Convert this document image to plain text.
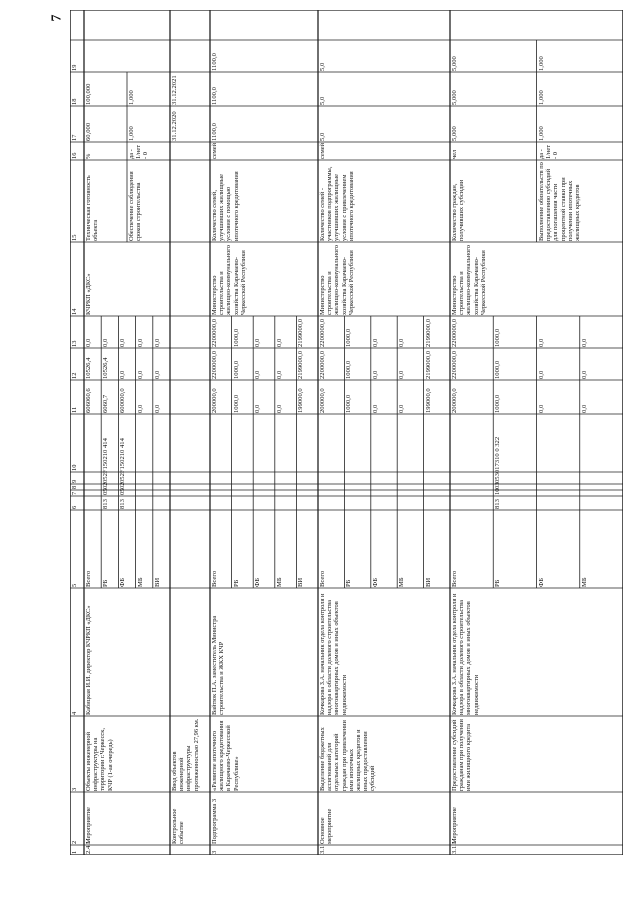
7
1
2
3
4
5
6
7
8
9
10
11
12
13
14
15
16
17
18
19
2.4.1
Мероприятие
Объекты инженерной инфраструктуры на территории г.Черкесск, КЧР (1-ая очередь)
Кабицкая И.И. директор КЧРКП «ДКС»
КЧРКП «ДКС»
Техническая готовность объекта
%
60,000
100,000
Обеспечение соблюдения сроков строительства
да - 1/нет - 0
1,000
1,000
Всего
606060,6
10526,4
0,0
РБ
813
05
02
052F150210 414
6060,7
10526,4
0,0
ФБ
813
05
02
052F150210 414
600000,0
0,0
0,0
МБ
0,0
0,0
0,0
ВИ
0,0
0,0
0,0
Контрольное событие
Ввод объектов инженерной инфраструктуры протяженностью 27,96 км.
31.12.2020
31.12.2021
3
Подпрограмма 3
«Развитие ипотечного жилищного кредитования в Карачаево-Черкесской Республике»
Вайтюк П.А. заместитель Министра строительства и ЖКХ КЧР
Министерство строительства и жилищно-коммунального хозяйства Карачаево-Черкесской Республики
Количество семей, улучшивших жилищные условия с помощью ипотечного кредитования
семей
1100,0
1100,0
1100,0
Всего
200000,0
2200000,0
2200000,0
РБ
1000,0
1000,0
1000,0
ФБ
0,0
0,0
0,0
МБ
0,0
0,0
0,0
ВИ
199000,0
2199000,0
2199000,0
3.1
Основное мероприятие
Выделение бюджетных ассигнований для отдельных категорий граждан при привлечении ими ипотечных жилищных кредитов и иных предоставлении субсидий
Кочкарова З.А. начальник отдела контроля и надзора в области долевого строительства многоквартирных домов и иных объектов недвижимости
Министерство строительства и жилищно-коммунального хозяйства Карачаево-Черкесской Республики
Количество семей - участников подпрограммы, улучшивших жилищные условия с привлечением ипотечного кредитования
семей
5,0
5,0
5,0
Всего
200000,0
2200000,0
2200000,0
РБ
1000,0
1000,0
1000,0
ФБ
0,0
0,0
0,0
МБ
0,0
0,0
0,0
ВИ
199000,0
2199000,0
2199000,0
3.1.1
Мероприятие
Предоставление субсидий гражданам при получении ими жилищного кредита
Кочкарова З.А. начальник отдела контроля и надзора в области долевого строительства многоквартирных домов и иных объектов недвижимости
Министерство строительства и жилищно-коммунального хозяйства Карачаево-Черкесской Республики
Количество граждан, получивших субсидии
чел
5,000
5,000
5,000
Выполнение обязательств по предоставлению субсидий для погашения части процентной ставки при получении ипотечных жилищных кредитов
да - 1/нет - 0
1,000
1,000
1,000
Всего
200000,0
2200000,0
2200000,0
РБ
813
10
03
053017310 0 322
1000,0
1000,0
1000,0
ФБ
0,0
0,0
0,0
МБ
0,0
0,0
0,0
